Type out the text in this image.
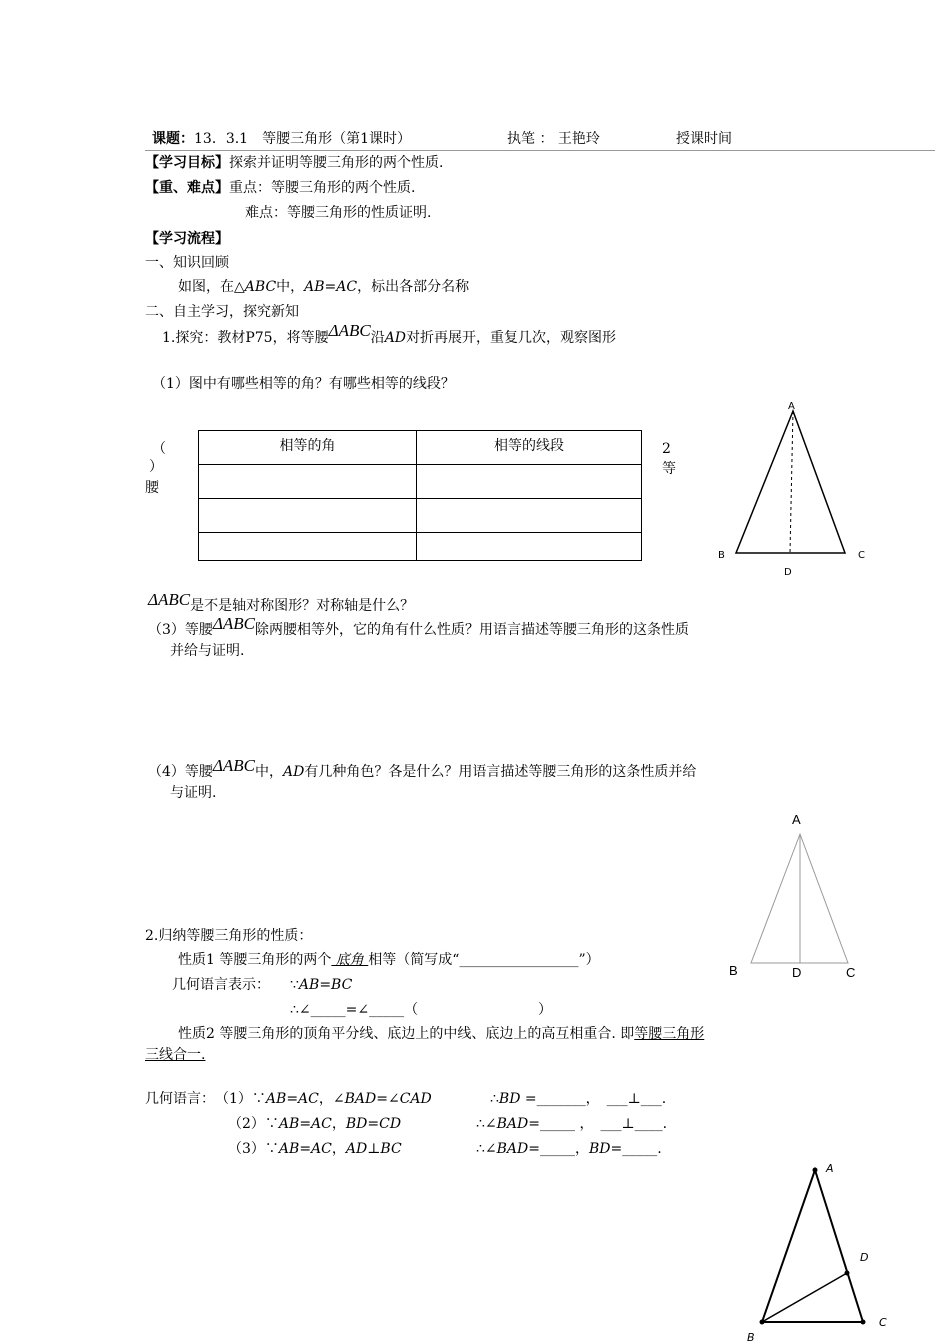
课题：13．3.1　等腰三角形（第1课时）	执笔 ： 王艳玲	授课时间
【学习目标】探索并证明等腰三角形的两个性质.
【重、难点】重点：等腰三角形的两个性质.
难点：等腰三角形的性质证明.
【学习流程】
一、知识回顾
如图，在△ABC中，AB=AC，标出各部分名称
二、自主学习，探究新知
1.探究：教材P75，将等腰ΔABC沿AD对折再展开，重复几次，观察图形
（1）图中有哪些相等的角？有哪些相等的线段？
（
）
腰
2
等
相等的角	相等的线段

A
B	C
D
ΔABC是不是轴对称图形？对称轴是什么？
（3）等腰ΔABC除两腰相等外，它的角有什么性质？用语言描述等腰三角形的这条性质
并给与证明.
（4）等腰ΔABC中，AD有几种角色？各是什么？用语言描述等腰三角形的这条性质并给
与证明.
A
B	C
D
2.归纳等腰三角形的性质：
性质1 等腰三角形的两个 底角 相等（简写成“_________________”）
几何语言表示： ∵AB=BC
∴∠_____=∠_____（	）
性质2 等腰三角形的顶角平分线、底边上的中线、底边上的高互相重合. 即等腰三角形
三线合一.
几何语言： （1）∵AB=AC，∠BAD=∠CAD	∴BD =_______，　___⊥___.
（2）∵AB=AC，BD=CD	∴∠BAD=_____ ，　___⊥____.
（3）∵AB=AC，AD⊥BC	∴∠BAD=_____，BD=_____.
A
D
B
C
